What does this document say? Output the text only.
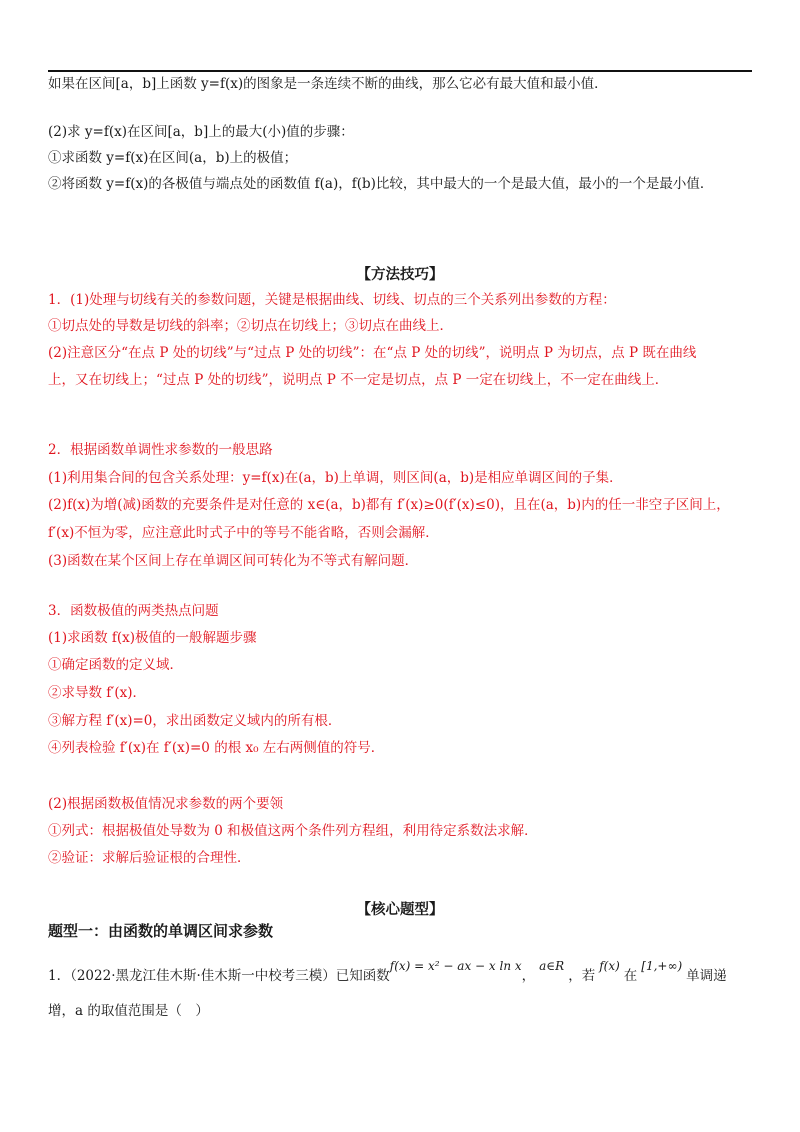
如果在区间[a，b]上函数 y=f(x)的图象是一条连续不断的曲线，那么它必有最大值和最小值．
(2)求 y=f(x)在区间[a，b]上的最大(小)值的步骤：
①求函数 y=f(x)在区间(a，b)上的极值；
②将函数 y=f(x)的各极值与端点处的函数值 f(a)，f(b)比较，其中最大的一个是最大值，最小的一个是最小值．
【方法技巧】
1．(1)处理与切线有关的参数问题，关键是根据曲线、切线、切点的三个关系列出参数的方程：
①切点处的导数是切线的斜率；②切点在切线上；③切点在曲线上．
(2)注意区分“在点 P 处的切线”与“过点 P 处的切线”：在“点 P 处的切线”，说明点 P 为切点，点 P 既在曲线
上，又在切线上；“过点 P 处的切线”，说明点 P 不一定是切点，点 P 一定在切线上，不一定在曲线上．
2．根据函数单调性求参数的一般思路
(1)利用集合间的包含关系处理：y=f(x)在(a，b)上单调，则区间(a，b)是相应单调区间的子集．
(2)f(x)为增(减)函数的充要条件是对任意的 x∈(a，b)都有 f′(x)≥0(f′(x)≤0)，且在(a，b)内的任一非空子区间上，
f′(x)不恒为零，应注意此时式子中的等号不能省略，否则会漏解．
(3)函数在某个区间上存在单调区间可转化为不等式有解问题．
3．函数极值的两类热点问题
(1)求函数 f(x)极值的一般解题步骤
①确定函数的定义域．
②求导数 f′(x)．
③解方程 f′(x)=0，求出函数定义域内的所有根．
④列表检验 f′(x)在 f′(x)=0 的根 x₀ 左右两侧值的符号．
(2)根据函数极值情况求参数的两个要领
①列式：根据极值处导数为 0 和极值这两个条件列方程组，利用待定系数法求解．
②验证：求解后验证根的合理性．
【核心题型】
题型一：由函数的单调区间求参数
1．（2022·黑龙江佳木斯·佳木斯一中校考三模）已知函数f(x) = x² − ax − x ln x，a∈R，若f(x)在[1,+∞)单调递
增，a 的取值范围是（　）
